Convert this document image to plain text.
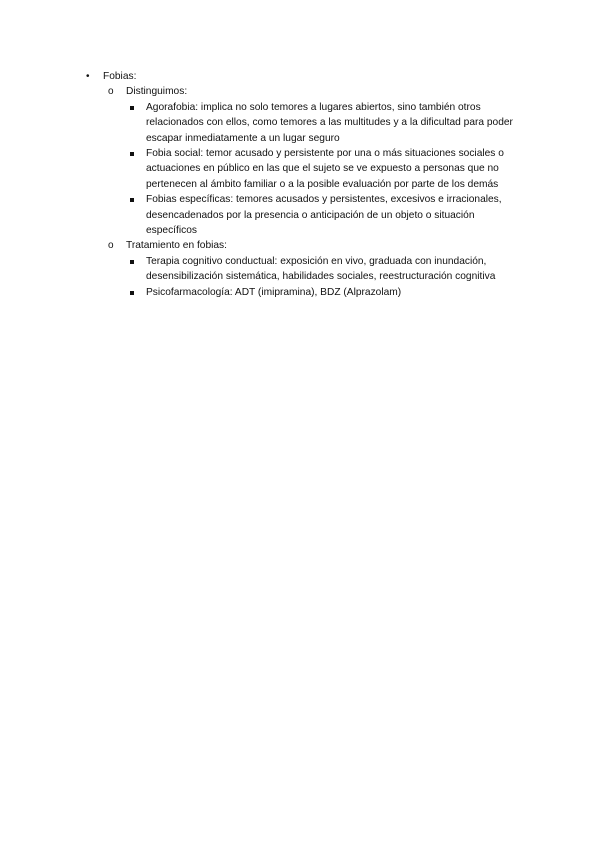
•	Fobias:
o	Distinguimos:
Agorafobia: implica no solo temores a lugares abiertos, sino también otros relacionados con ellos, como temores a las multitudes y a la dificultad para poder escapar inmediatamente a un lugar seguro
Fobia social: temor acusado y persistente por una o más situaciones sociales o actuaciones en público en las que el sujeto se ve expuesto a personas que no pertenecen al ámbito familiar o a la posible evaluación por parte de los demás
Fobias específicas: temores acusados y persistentes, excesivos e irracionales, desencadenados por la presencia o anticipación de un objeto o situación específicos
o	Tratamiento en fobias:
Terapia cognitivo conductual: exposición en vivo, graduada con inundación, desensibilización sistemática, habilidades sociales, reestructuración cognitiva
Psicofarmacología: ADT (imipramina), BDZ (Alprazolam)
